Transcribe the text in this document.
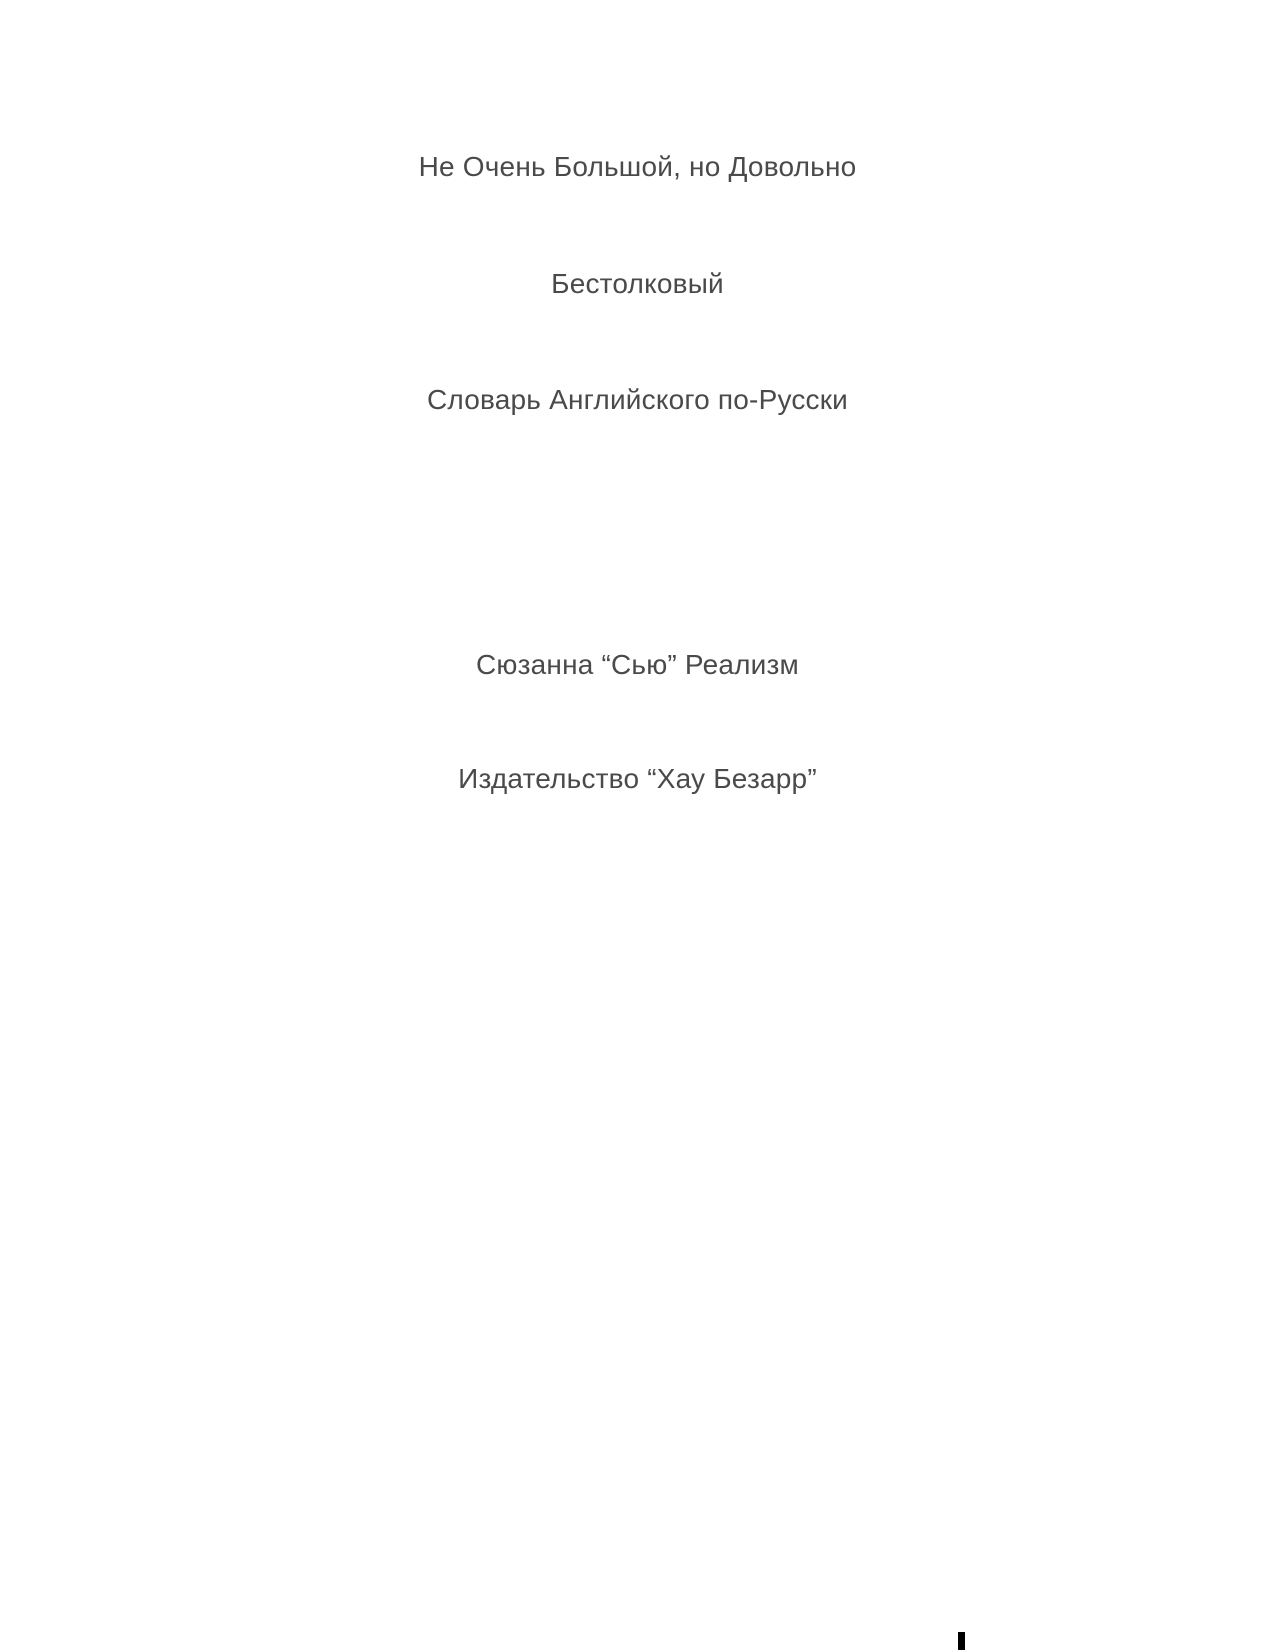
Не Очень Большой, но Довольно
Бестолковый
Словарь Английского по-Русски
Сюзанна “Сью” Реализм
Издательство “Хау Безарр”
